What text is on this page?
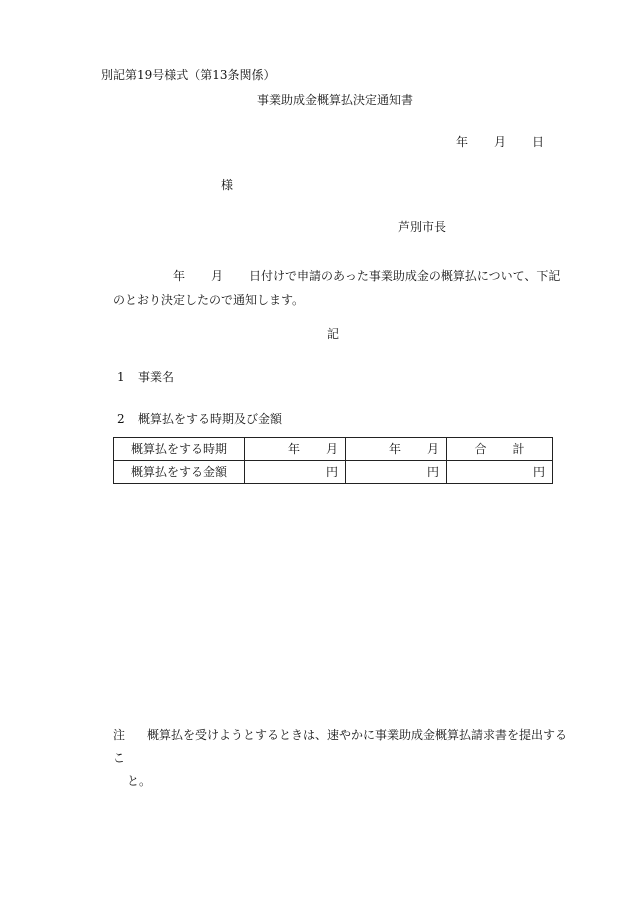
別記第19号様式（第13条関係）
事業助成金概算払決定通知書
年 月 日
様
芦別市長
年 月 日付けで申請のあった事業助成金の概算払について、下記のとおり決定したので通知します。
記
1 事業名
2 概算払をする時期及び金額
概算払をする時期	年 月	年 月	合 計
概算払をする金額	円	円	円
注 概算払を受けようとするときは、速やかに事業助成金概算払請求書を提出するこ
と。
